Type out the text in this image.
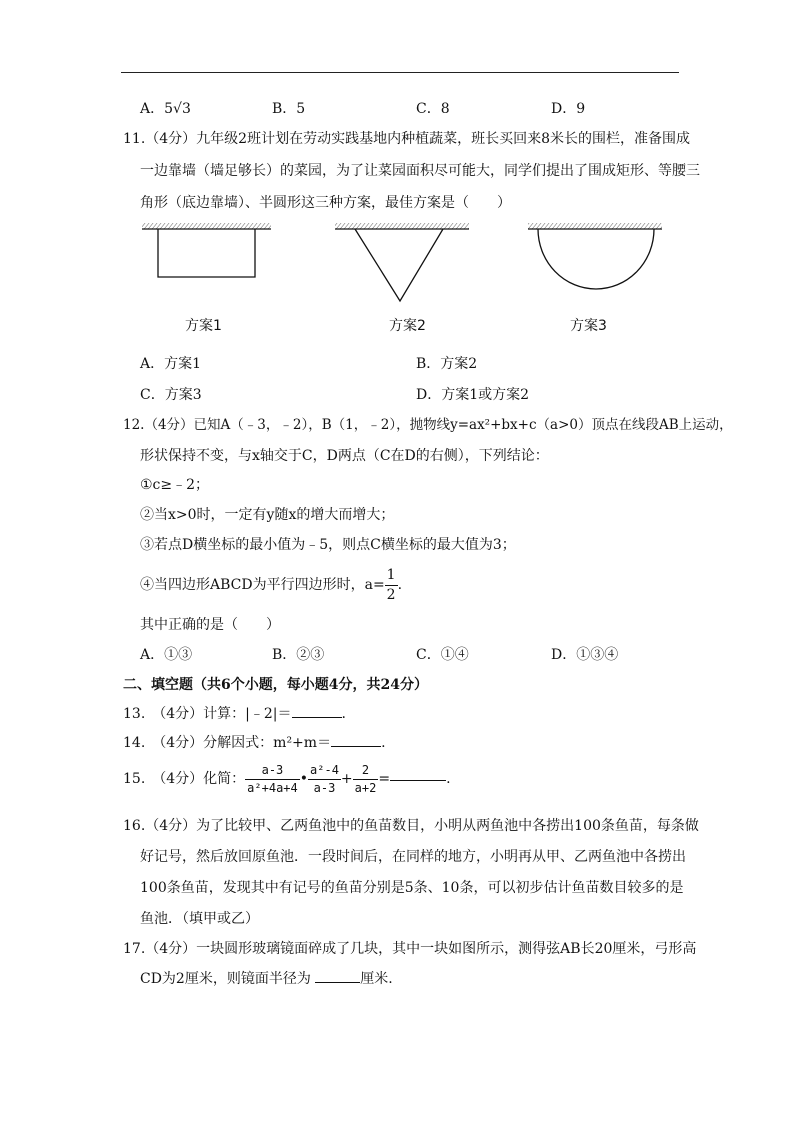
A．5√3	B．5	C．8	D．9
11.（4分）九年级2班计划在劳动实践基地内种植蔬菜，班长买回来8米长的围栏，准备围成
一边靠墙（墙足够长）的菜园，为了让菜园面积尽可能大，同学们提出了围成矩形、等腰三
角形（底边靠墙）、半圆形这三种方案，最佳方案是（　　）
方案1	方案2	方案3
A．方案1	B．方案2
C．方案3	D．方案1或方案2
12.（4分）已知A（﹣3，﹣2），B（1，﹣2），抛物线y=ax²+bx+c（a>0）顶点在线段AB上运动，
形状保持不变，与x轴交于C，D两点（C在D的右侧），下列结论：
①c≥﹣2；
②当x>0时，一定有y随x的增大而增大；
③若点D横坐标的最小值为﹣5，则点C横坐标的最大值为3；
④当四边形ABCD为平行四边形时，$a= \frac{1}{2}$ .
其中正确的是（　　）
A．①③	B．②③	C．①④	D．①③④
二、填空题（共6个小题，每小题4分，共24分）
13.　（4分）计算：|﹣2|＝	.
14.　（4分）分解因式：m²+m＝	.
15.　（4分）化简： $\frac{a-3}{\text{a²+4a+4}}$ • $\frac{\text{a²-4}}{a-3} + \frac{2}{a+2}$ =	.
16.（4分）为了比较甲、乙两鱼池中的鱼苗数目，小明从两鱼池中各捞出100条鱼苗，每条做
好记号，然后放回原鱼池．一段时间后，在同样的地方，小明再从甲、乙两鱼池中各捞出
100条鱼苗，发现其中有记号的鱼苗分别是5条、10条，可以初步估计鱼苗数目较多的是
鱼池．（填甲或乙）
17.（4分）一块圆形玻璃镜面碎成了几块，其中一块如图所示，测得弦AB长20厘米，弓形高
CD为2厘米，则镜面半径为	厘米.
